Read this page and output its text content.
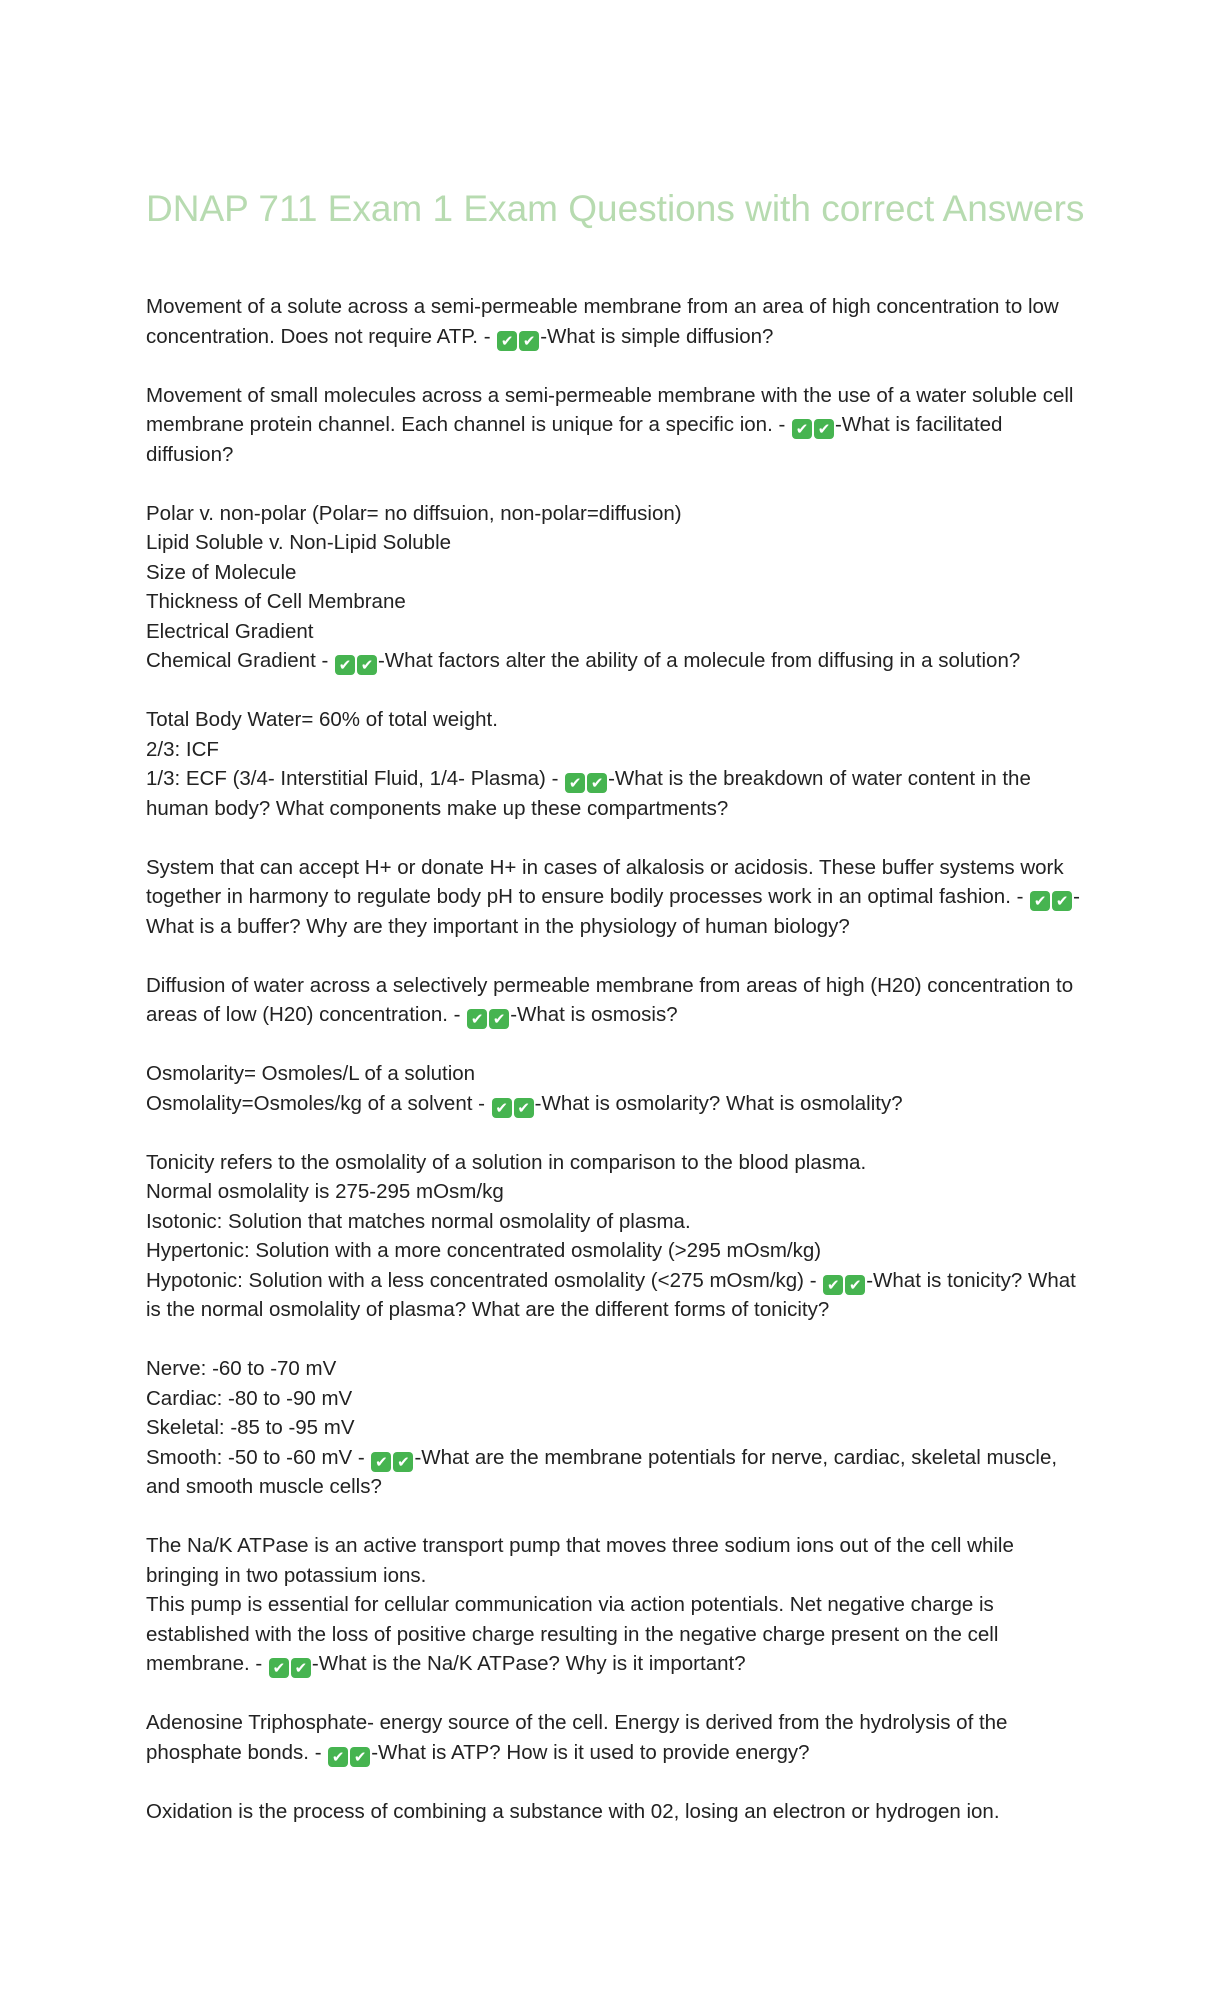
DNAP 711 Exam 1 Exam Questions with correct Answers

Movement of a solute across a semi-permeable membrane from an area of high concentration to low concentration. Does not require ATP. - ✔ ✔ -What is simple diffusion?

Movement of small molecules across a semi-permeable membrane with the use of a water soluble cell membrane protein channel. Each channel is unique for a specific ion. - ✔ ✔ -What is facilitated diffusion?

Polar v. non-polar (Polar= no diffsuion, non-polar=diffusion)
Lipid Soluble v. Non-Lipid Soluble
Size of Molecule
Thickness of Cell Membrane
Electrical Gradient
Chemical Gradient - ✔ ✔ -What factors alter the ability of a molecule from diffusing in a solution?

Total Body Water= 60% of total weight.
2/3: ICF
1/3: ECF (3/4- Interstitial Fluid, 1/4- Plasma) - ✔ ✔ -What is the breakdown of water content in the human body? What components make up these compartments?

System that can accept H+ or donate H+ in cases of alkalosis or acidosis. These buffer systems work together in harmony to regulate body pH to ensure bodily processes work in an optimal fashion. - ✔ ✔ -What is a buffer? Why are they important in the physiology of human biology?

Diffusion of water across a selectively permeable membrane from areas of high (H20) concentration to areas of low (H20) concentration. - ✔ ✔ -What is osmosis?

Osmolarity= Osmoles/L of a solution
Osmolality=Osmoles/kg of a solvent - ✔ ✔ -What is osmolarity? What is osmolality?

Tonicity refers to the osmolality of a solution in comparison to the blood plasma.
Normal osmolality is 275-295 mOsm/kg
Isotonic: Solution that matches normal osmolality of plasma.
Hypertonic: Solution with a more concentrated osmolality (>295 mOsm/kg)
Hypotonic: Solution with a less concentrated osmolality (<275 mOsm/kg) - ✔ ✔ -What is tonicity? What is the normal osmolality of plasma? What are the different forms of tonicity?

Nerve: -60 to -70 mV
Cardiac: -80 to -90 mV
Skeletal: -85 to -95 mV
Smooth: -50 to -60 mV - ✔ ✔ -What are the membrane potentials for nerve, cardiac, skeletal muscle, and smooth muscle cells?

The Na/K ATPase is an active transport pump that moves three sodium ions out of the cell while bringing in two potassium ions.
This pump is essential for cellular communication via action potentials. Net negative charge is established with the loss of positive charge resulting in the negative charge present on the cell membrane. - ✔ ✔ -What is the Na/K ATPase? Why is it important?

Adenosine Triphosphate- energy source of the cell. Energy is derived from the hydrolysis of the phosphate bonds. - ✔ ✔ -What is ATP? How is it used to provide energy?

Oxidation is the process of combining a substance with 02, losing an electron or hydrogen ion.
